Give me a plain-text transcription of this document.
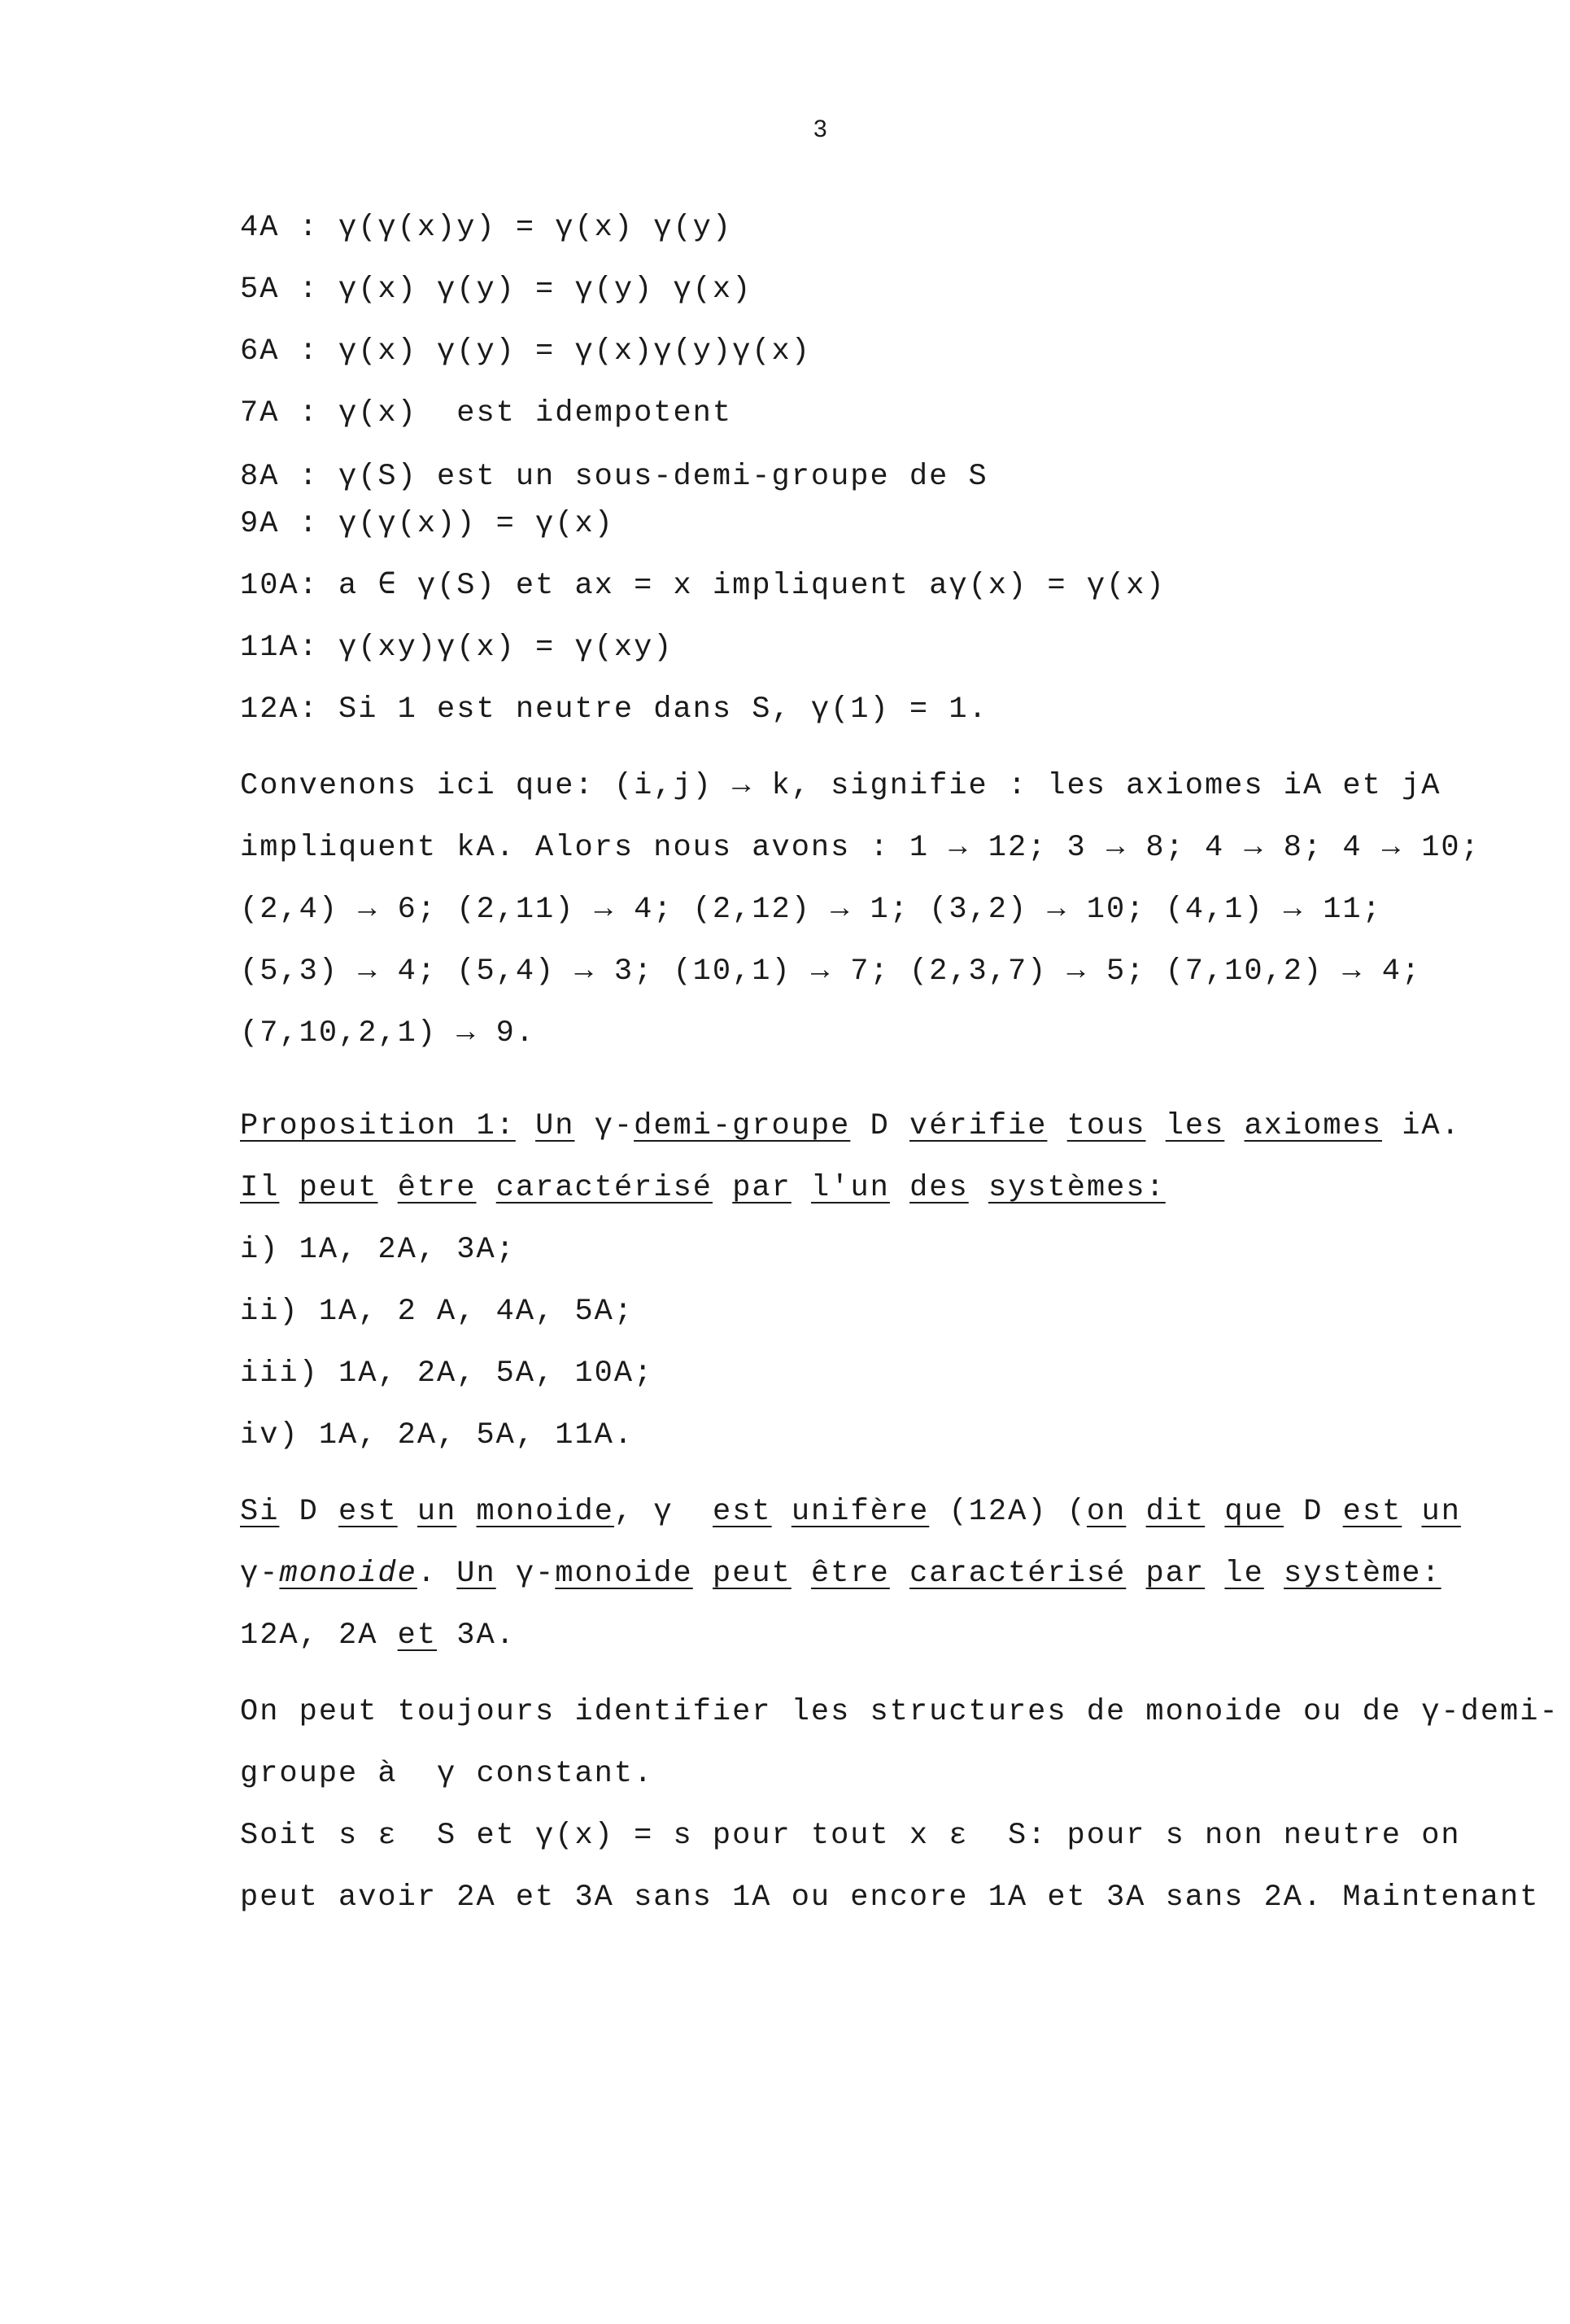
3
4A : γ(γ(x)y) = γ(x) γ(y)
5A : γ(x) γ(y) = γ(y) γ(x)
6A : γ(x) γ(y) = γ(x)γ(y)γ(x)
7A : γ(x)  est idempotent
8A : γ(S) est un sous-demi-groupe de S
9A : γ(γ(x)) = γ(x)
10A: a ∈ γ(S) et ax = x impliquent aγ(x) = γ(x)
11A: γ(xy)γ(x) = γ(xy)
12A: Si 1 est neutre dans S, γ(1) = 1.
Convenons ici que: (i,j) → k, signifie : les axiomes iA et jA
impliquent kA. Alors nous avons : 1 → 12; 3 → 8; 4 → 8; 4 → 10;
(2,4) → 6; (2,11) → 4; (2,12) → 1; (3,2) → 10; (4,1) → 11;
(5,3) → 4; (5,4) → 3; (10,1) → 7; (2,3,7) → 5; (7,10,2) → 4;
(7,10,2,1) → 9.
Proposition 1: Un γ-demi-groupe D vérifie tous les axiomes iA.
Il peut être caractérisé par l'un des systèmes:
i) 1A, 2A, 3A;
ii) 1A, 2 A, 4A, 5A;
iii) 1A, 2A, 5A, 10A;
iv) 1A, 2A, 5A, 11A.
Si D est un monoide, γ  est unifère (12A) (on dit que D est un
γ-monoide. Un γ-monoide peut être caractérisé par le système:
12A, 2A et 3A.
On peut toujours identifier les structures de monoide ou de γ-demi-
groupe à  γ constant.
Soit s ε  S et γ(x) = s pour tout x ε  S: pour s non neutre on
peut avoir 2A et 3A sans 1A ou encore 1A et 3A sans 2A. Maintenant
